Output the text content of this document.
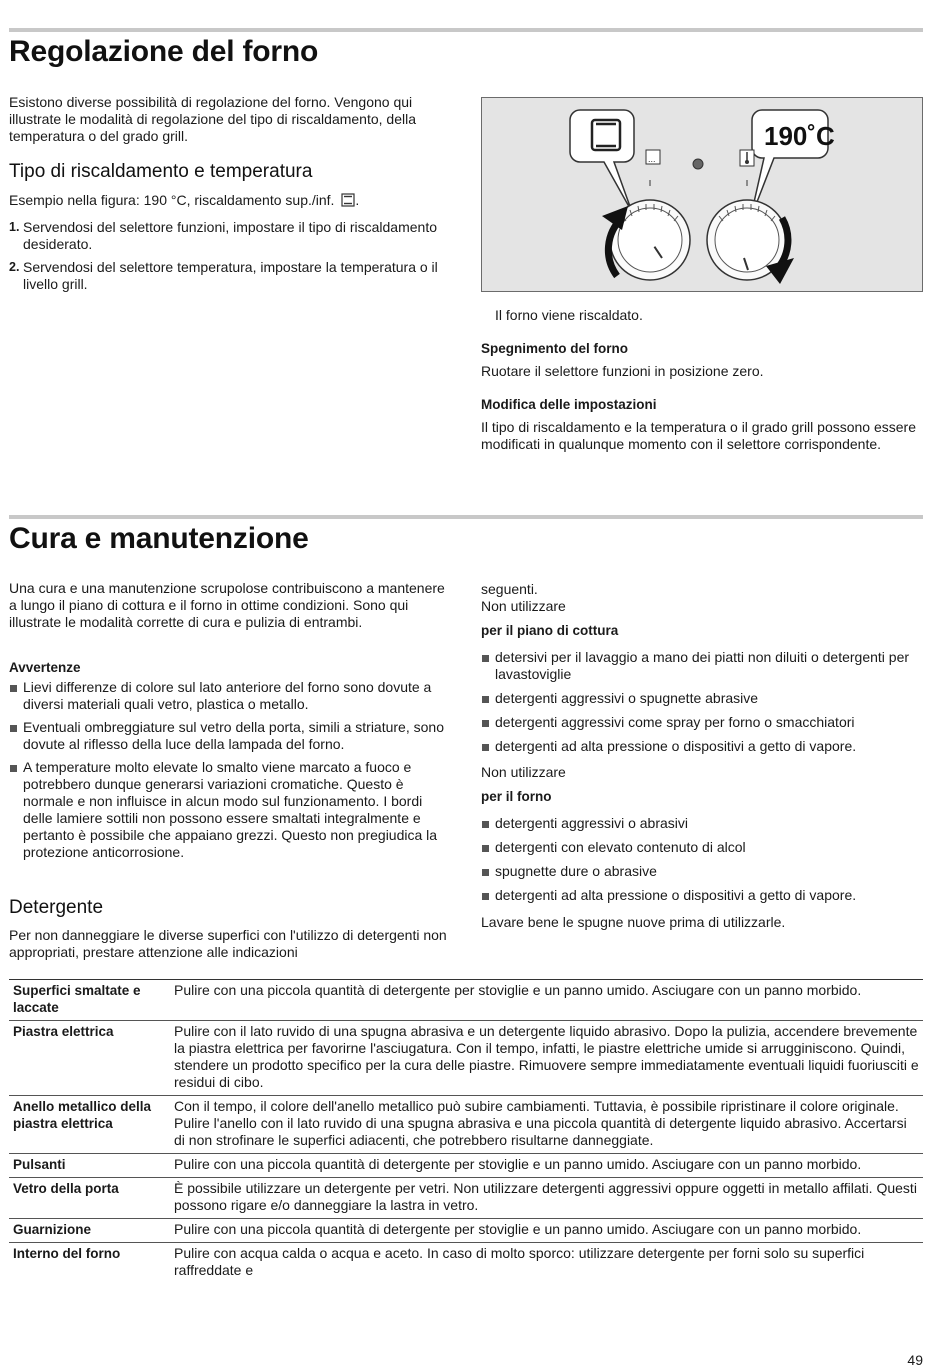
Regolazione del forno

Esistono diverse possibilità di regolazione del forno. Vengono qui illustrate le modalità di regolazione del tipo di riscaldamento, della temperatura o del grado grill.

Tipo di riscaldamento e temperatura
Esempio nella figura: 190 °C, riscaldamento sup./inf. .
1. Servendosi del selettore funzioni, impostare il tipo di riscaldamento desiderato.
2. Servendosi del selettore temperatura, impostare la temperatura o il livello grill.
190˚C
...

Il forno viene riscaldato.

Spegnimento del forno

Ruotare il selettore funzioni in posizione zero.

Modifica delle impostazioni

Il tipo di riscaldamento e la temperatura o il grado grill possono essere modificati in qualunque momento con il selettore corrispondente.

Cura e manutenzione

Una cura e una manutenzione scrupolose contribuiscono a mantenere a lungo il piano di cottura e il forno in ottime condizioni. Sono qui illustrate le modalità corrette di cura e pulizia di entrambi.

Avvertenze

Lievi differenze di colore sul lato anteriore del forno sono dovute a diversi materiali quali vetro, plastica o metallo.
Eventuali ombreggiature sul vetro della porta, simili a striature, sono dovute al riflesso della luce della lampada del forno.
A temperature molto elevate lo smalto viene marcato a fuoco e potrebbero dunque generarsi variazioni cromatiche. Questo è normale e non influisce in alcun modo sul funzionamento. I bordi delle lamiere sottili non possono essere smaltati integralmente e pertanto è possibile che appaiano grezzi. Questo non pregiudica la protezione anticorrosione.
Detergente

Per non danneggiare le diverse superfici con l'utilizzo di detergenti non appropriati, prestare attenzione alle indicazioni

seguenti.

Non utilizzare

per il piano di cottura

detersivi per il lavaggio a mano dei piatti non diluiti o detergenti per lavastoviglie
detergenti aggressivi o spugnette abrasive
detergenti aggressivi come spray per forno o smacchiatori
detergenti ad alta pressione o dispositivi a getto di vapore.

Non utilizzare

per il forno

detergenti aggressivi o abrasivi
detergenti con elevato contenuto di alcol
spugnette dure o abrasive
detergenti ad alta pressione o dispositivi a getto di vapore.

Lavare bene le spugne nuove prima di utilizzarle.

Superfici smaltate e laccate	Pulire con una piccola quantità di detergente per stoviglie e un panno umido. Asciugare con un panno morbido.
Piastra elettrica	Pulire con il lato ruvido di una spugna abrasiva e un detergente liquido abrasivo. Dopo la pulizia, accendere brevemente la piastra elettrica per favorirne l'asciugatura. Con il tempo, infatti, le piastre elettriche umide si arrugginiscono. Quindi, stendere un prodotto specifico per la cura delle piastre. Rimuovere sempre immediatamente eventuali liquidi fuoriusciti e residui di cibo.
Anello metallico della piastra elettrica	Con il tempo, il colore dell'anello metallico può subire cambiamenti. Tuttavia, è possibile ripristinare il colore originale. Pulire l'anello con il lato ruvido di una spugna abrasiva e una piccola quantità di detergente liquido abrasivo. Accertarsi di non strofinare le superfici adiacenti, che potrebbero risultarne danneggiate.
Pulsanti	Pulire con una piccola quantità di detergente per stoviglie e un panno umido. Asciugare con un panno morbido.
Vetro della porta	È possibile utilizzare un detergente per vetri. Non utilizzare detergenti aggressivi oppure oggetti in metallo affilati. Questi possono rigare e/o danneggiare la lastra in vetro.
Guarnizione	Pulire con una piccola quantità di detergente per stoviglie e un panno umido. Asciugare con un panno morbido.
Interno del forno	Pulire con acqua calda o acqua e aceto. In caso di molto sporco: utilizzare detergente per forni solo su superfici raffreddate e
49
